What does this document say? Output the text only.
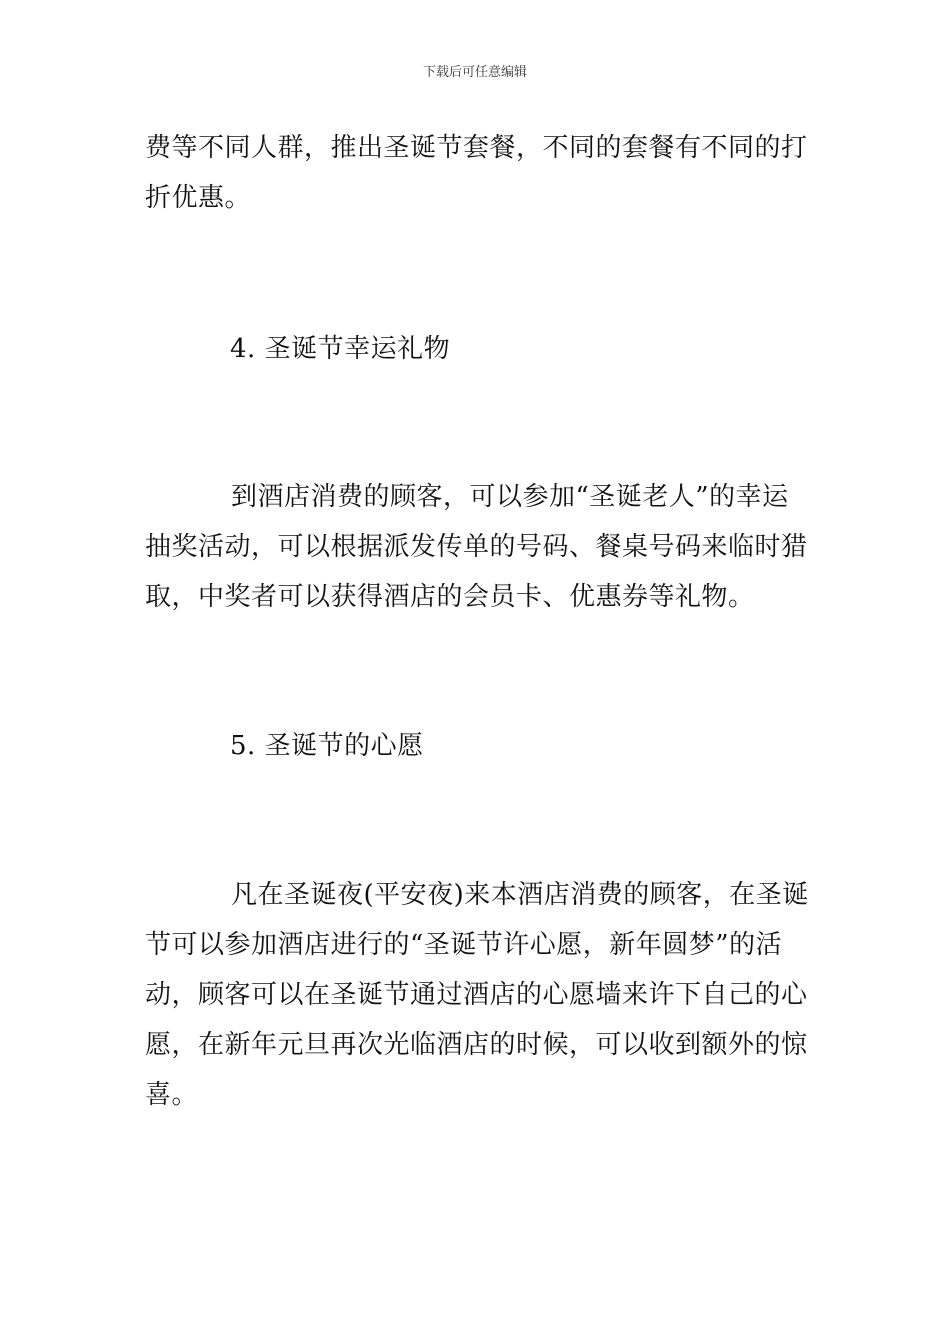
下载后可任意编辑
费等不同人群，推出圣诞节套餐，不同的套餐有不同的打
折优惠。
4. 圣诞节幸运礼物
到酒店消费的顾客，可以参加“圣诞老人”的幸运
抽奖活动，可以根据派发传单的号码、餐桌号码来临时猎
取，中奖者可以获得酒店的会员卡、优惠券等礼物。
5. 圣诞节的心愿
凡在圣诞夜(平安夜)来本酒店消费的顾客，在圣诞
节可以参加酒店进行的“圣诞节许心愿，新年圆梦”的活
动，顾客可以在圣诞节通过酒店的心愿墙来许下自己的心
愿，在新年元旦再次光临酒店的时候，可以收到额外的惊
喜。
